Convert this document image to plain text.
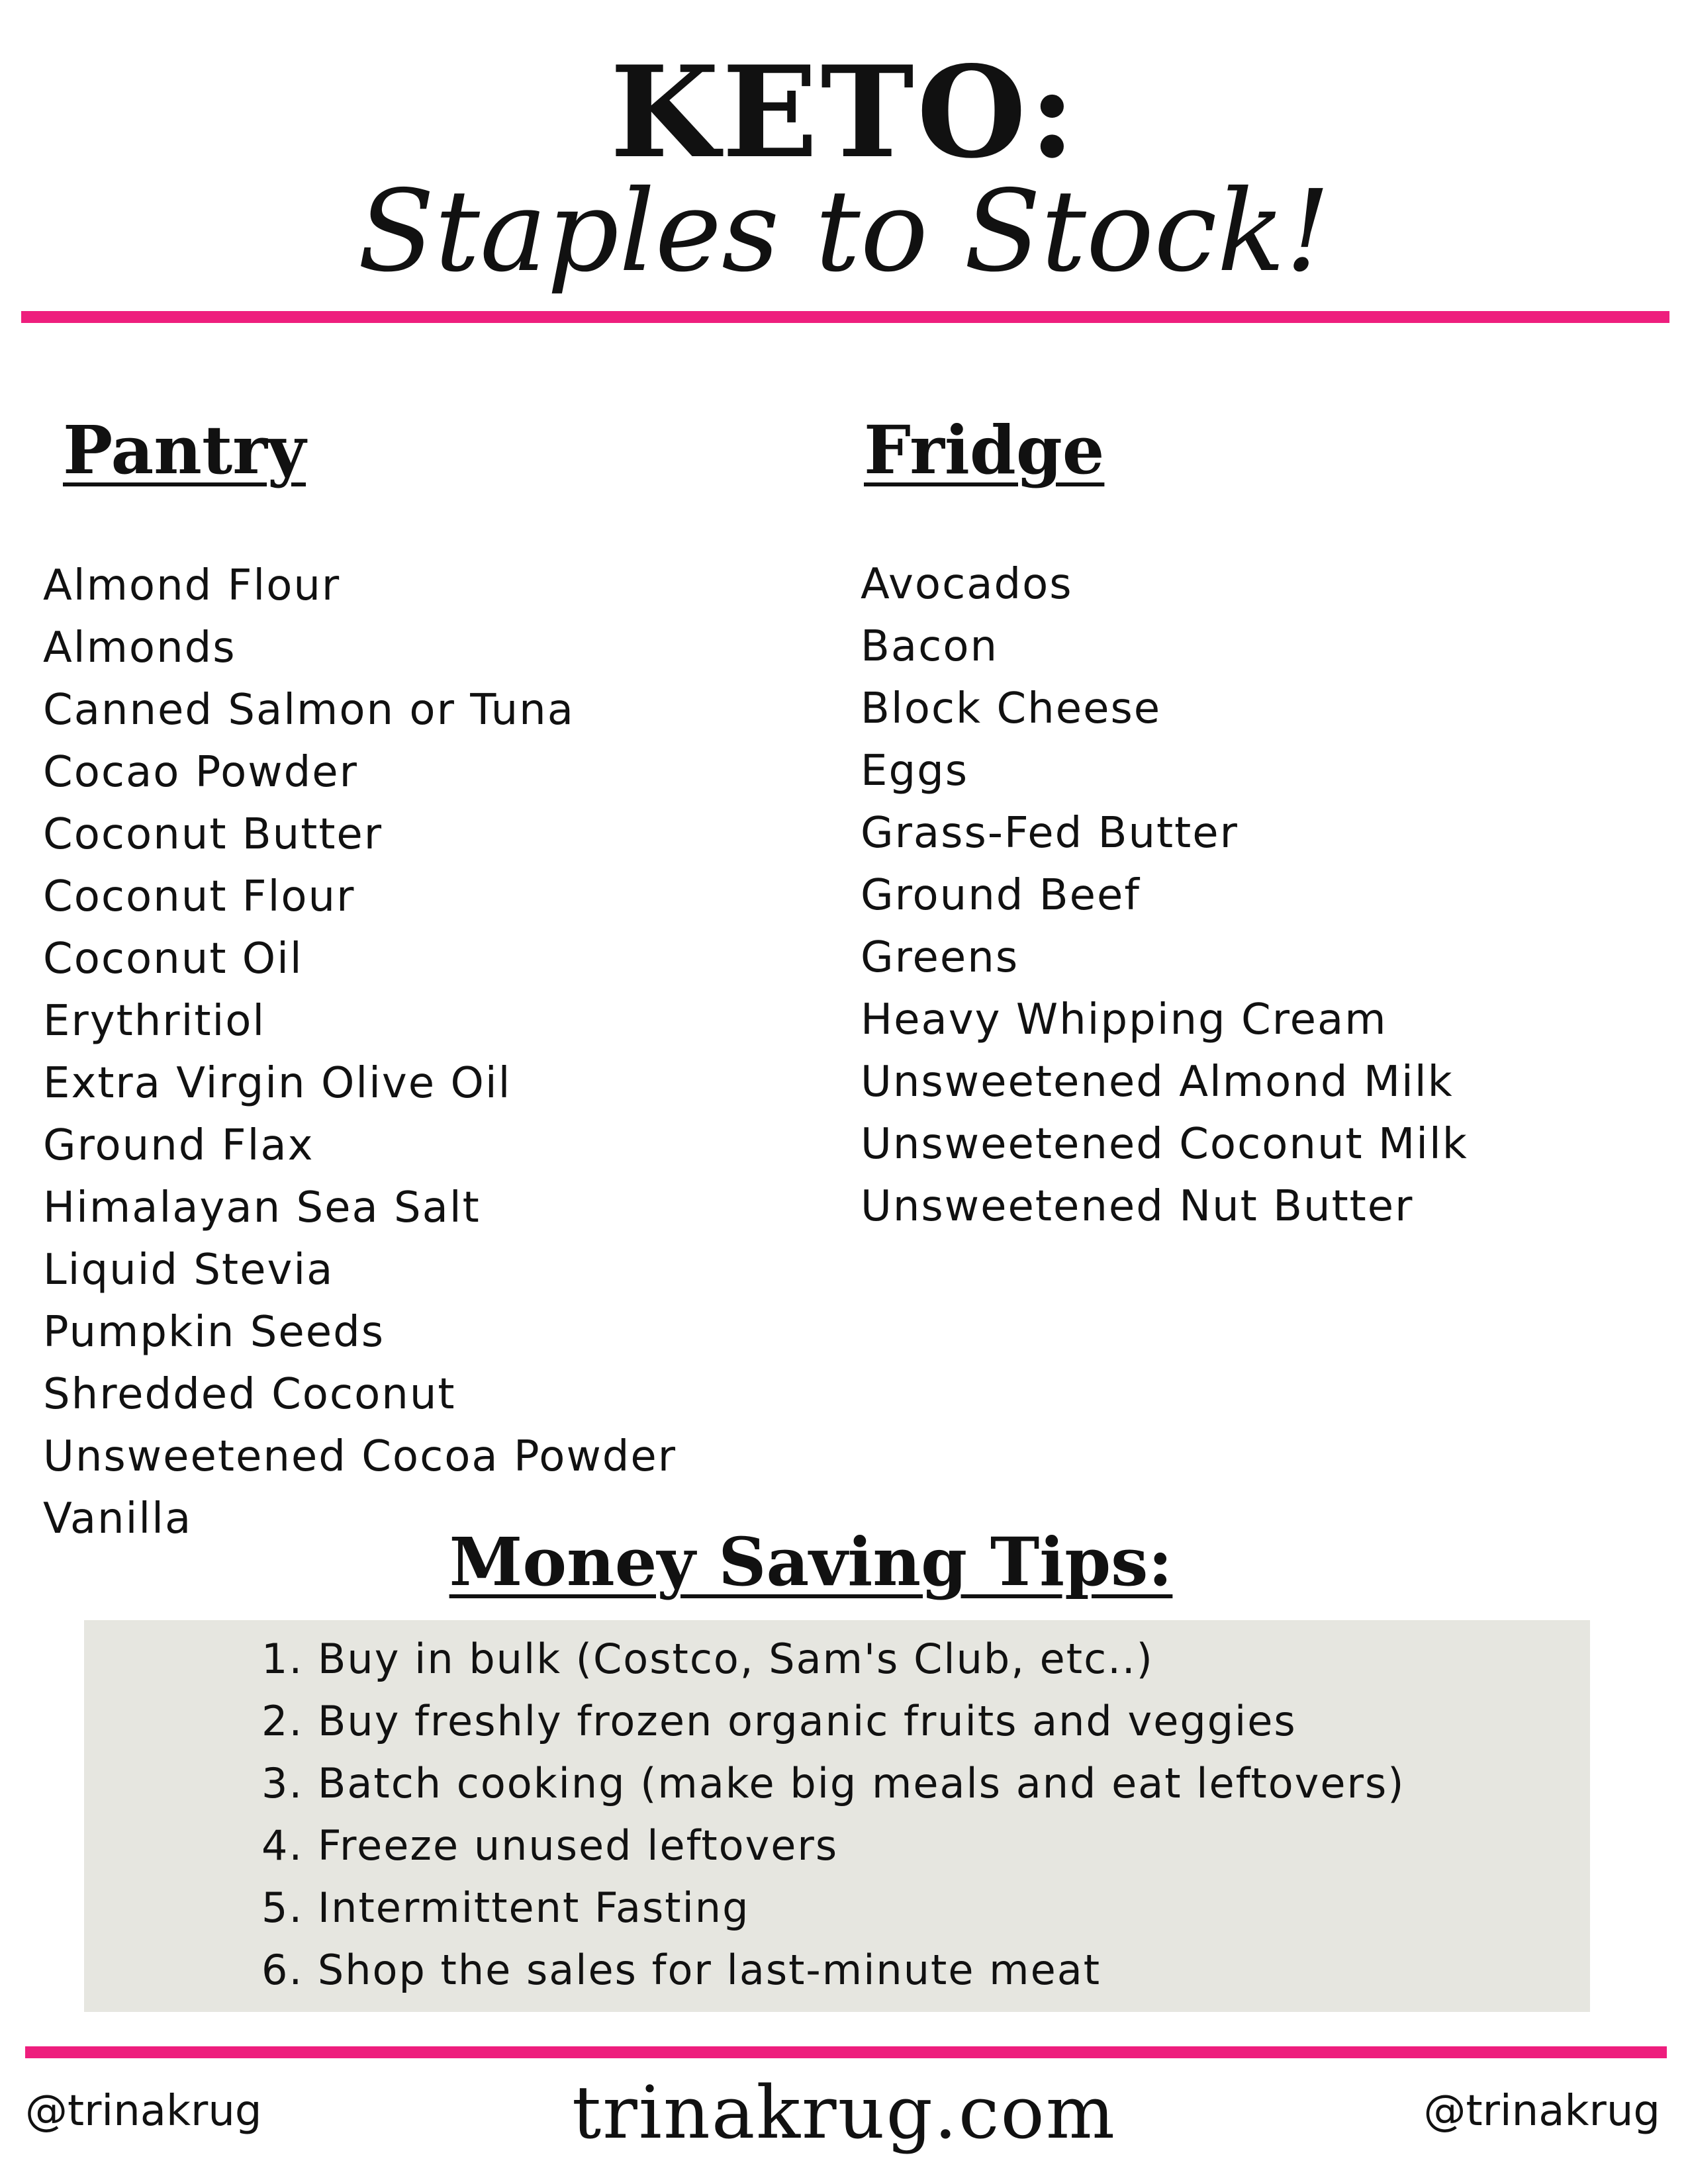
KETO:
Staples to Stock!
Pantry	Fridge
Almond Flour
Almonds
Canned Salmon or Tuna
Cocao Powder
Coconut Butter
Coconut Flour
Coconut Oil
Erythritiol
Extra Virgin Olive Oil
Ground Flax
Himalayan Sea Salt
Liquid Stevia
Pumpkin Seeds
Shredded Coconut
Unsweetened Cocoa Powder
Vanilla
Avocados
Bacon
Block Cheese
Eggs
Grass-Fed Butter
Ground Beef
Greens
Heavy Whipping Cream
Unsweetened Almond Milk
Unsweetened Coconut Milk
Unsweetened Nut Butter
Money Saving Tips:
1. Buy in bulk (Costco, Sam's Club, etc..)
2. Buy freshly frozen organic fruits and veggies
3. Batch cooking (make big meals and eat leftovers)
4. Freeze unused leftovers
5. Intermittent Fasting
6. Shop the sales for last-minute meat
@trinakrug	trinakrug.com	@trinakrug
